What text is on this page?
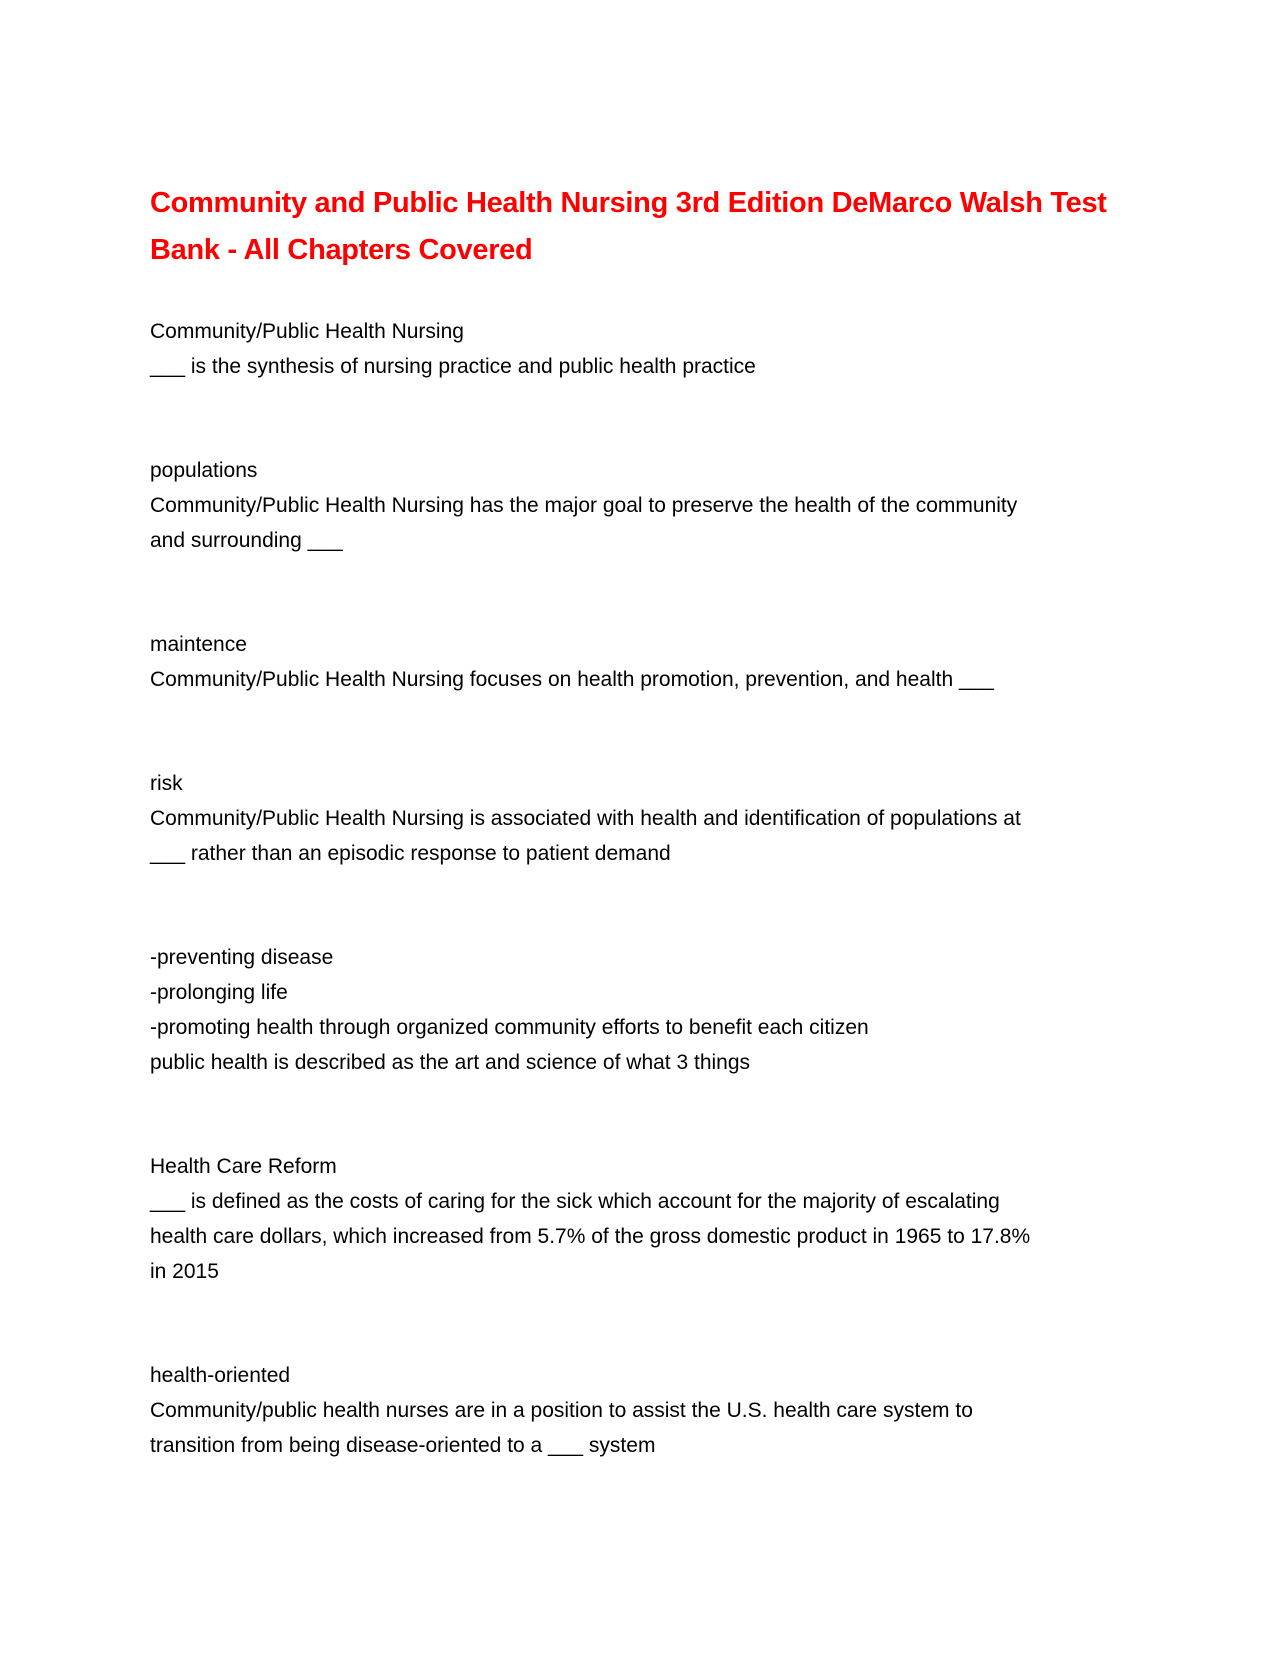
Community and Public Health Nursing 3rd Edition DeMarco Walsh Test
Bank - All Chapters Covered

Community/Public Health Nursing

___ is the synthesis of nursing practice and public health practice

populations

Community/Public Health Nursing has the major goal to preserve the health of the community

and surrounding ___

maintence

Community/Public Health Nursing focuses on health promotion, prevention, and health ___

risk

Community/Public Health Nursing is associated with health and identification of populations at

___ rather than an episodic response to patient demand

-preventing disease

-prolonging life

-promoting health through organized community efforts to benefit each citizen

public health is described as the art and science of what 3 things

Health Care Reform

___ is defined as the costs of caring for the sick which account for the majority of escalating

health care dollars, which increased from 5.7% of the gross domestic product in 1965 to 17.8%

in 2015

health-oriented

Community/public health nurses are in a position to assist the U.S. health care system to

transition from being disease-oriented to a ___ system
